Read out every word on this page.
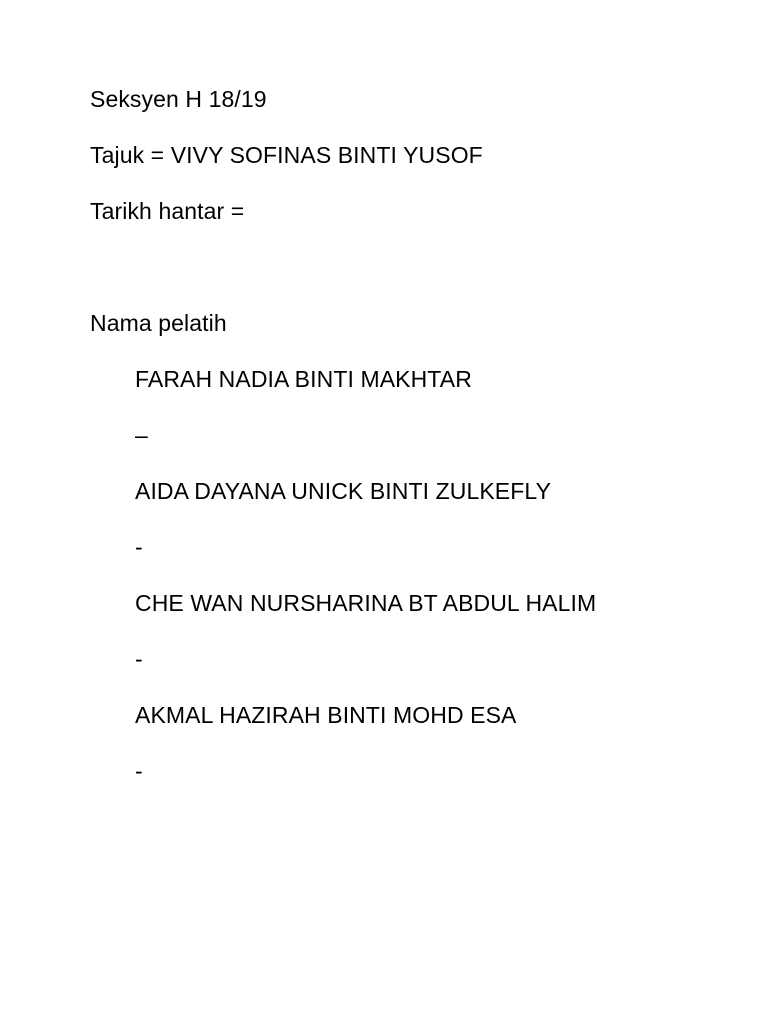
Seksyen H 18/19
Tajuk = VIVY SOFINAS BINTI YUSOF
Tarikh hantar =
Nama pelatih
FARAH NADIA BINTI MAKHTAR
–
AIDA DAYANA UNICK BINTI ZULKEFLY
-
CHE WAN NURSHARINA BT ABDUL HALIM
-
AKMAL HAZIRAH BINTI MOHD ESA
-
